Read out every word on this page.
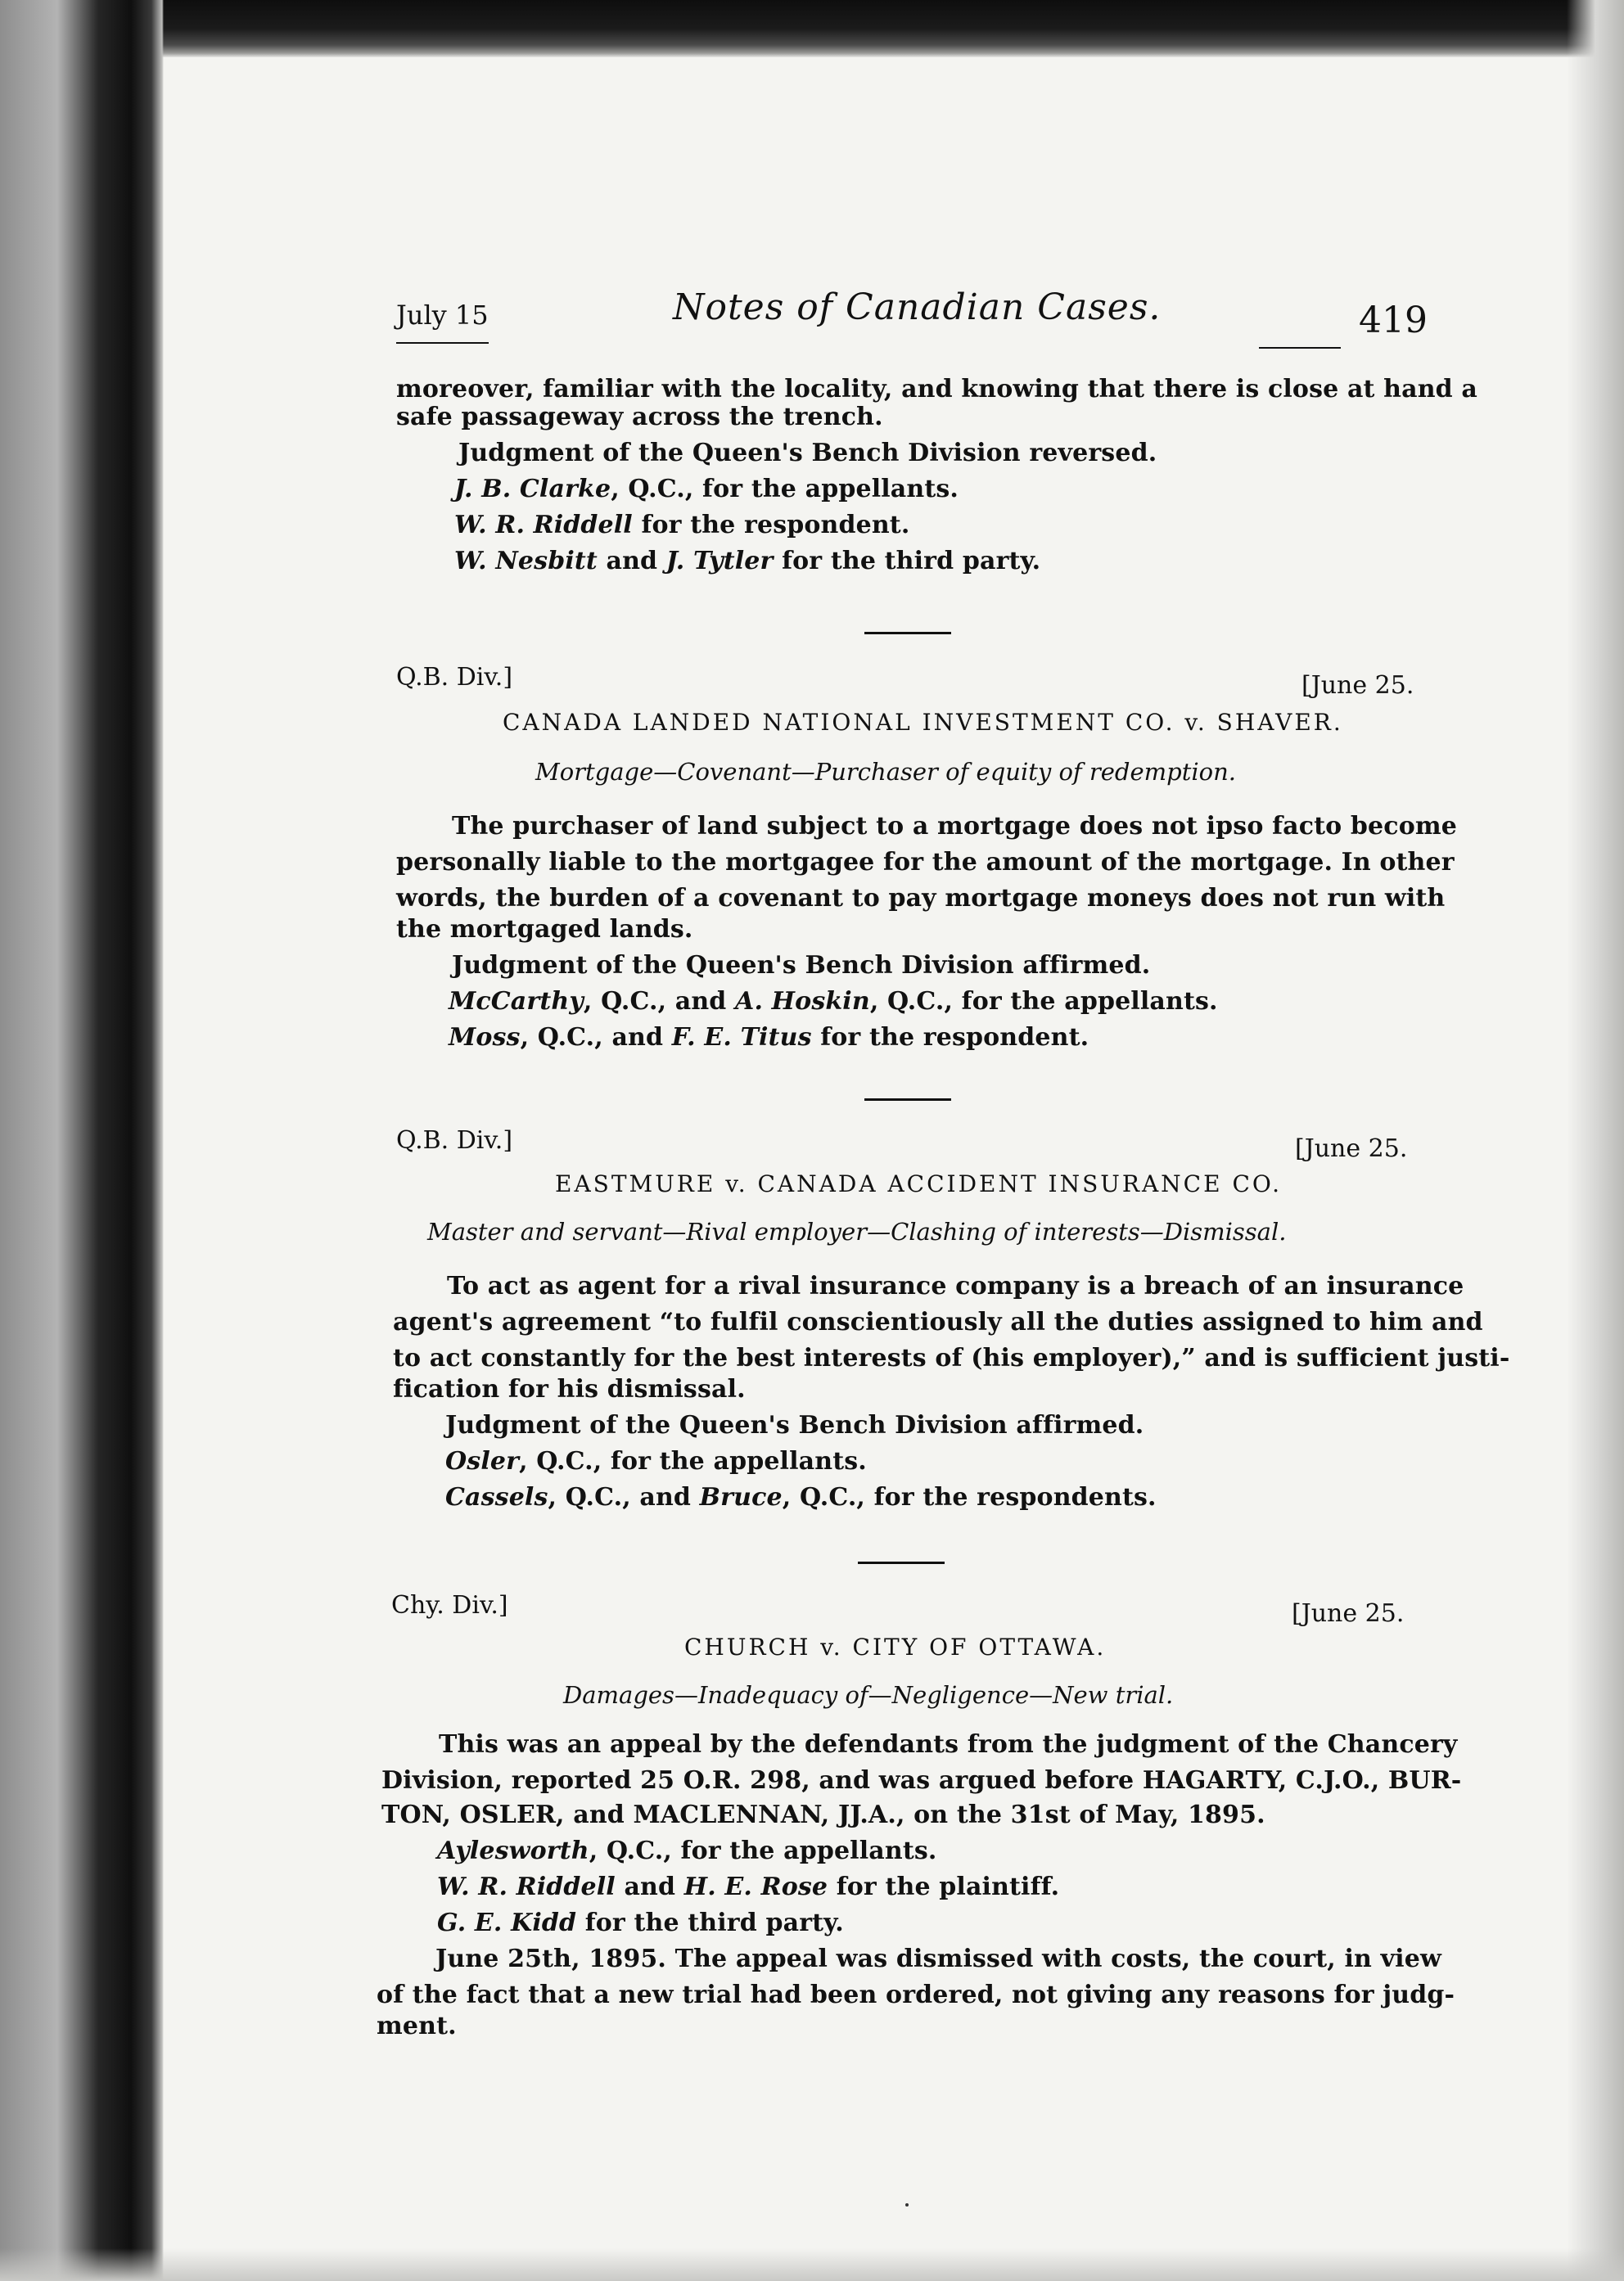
July 15	Notes of Canadian Cases.	419
moreover, familiar with the locality, and knowing that there is close at hand a
safe passageway across the trench.
Judgment of the Queen's Bench Division reversed.
J. B. Clarke, Q.C., for the appellants.
W. R. Riddell for the respondent.
W. Nesbitt and J. Tytler for the third party.
Q.B. Div.]	[June 25.
CANADA LANDED NATIONAL INVESTMENT CO. v. SHAVER.
Mortgage—Covenant—Purchaser of equity of redemption.
The purchaser of land subject to a mortgage does not ipso facto become
personally liable to the mortgagee for the amount of the mortgage. In other
words, the burden of a covenant to pay mortgage moneys does not run with
the mortgaged lands.
Judgment of the Queen's Bench Division affirmed.
McCarthy, Q.C., and A. Hoskin, Q.C., for the appellants.
Moss, Q.C., and F. E. Titus for the respondent.
Q.B. Div.]	[June 25.
EASTMURE v. CANADA ACCIDENT INSURANCE CO.
Master and servant—Rival employer—Clashing of interests—Dismissal.
To act as agent for a rival insurance company is a breach of an insurance
agent's agreement “to fulfil conscientiously all the duties assigned to him and
to act constantly for the best interests of (his employer),” and is sufficient justi-
fication for his dismissal.
Judgment of the Queen's Bench Division affirmed.
Osler, Q.C., for the appellants.
Cassels, Q.C., and Bruce, Q.C., for the respondents.
Chy. Div.]	[June 25.
CHURCH v. CITY OF OTTAWA.
Damages—Inadequacy of—Negligence—New trial.
This was an appeal by the defendants from the judgment of the Chancery
Division, reported 25 O.R. 298, and was argued before HAGARTY, C.J.O., BUR-
TON, OSLER, and MACLENNAN, JJ.A., on the 31st of May, 1895.
Aylesworth, Q.C., for the appellants.
W. R. Riddell and H. E. Rose for the plaintiff.
G. E. Kidd for the third party.
June 25th, 1895. The appeal was dismissed with costs, the court, in view
of the fact that a new trial had been ordered, not giving any reasons for judg-
ment.
